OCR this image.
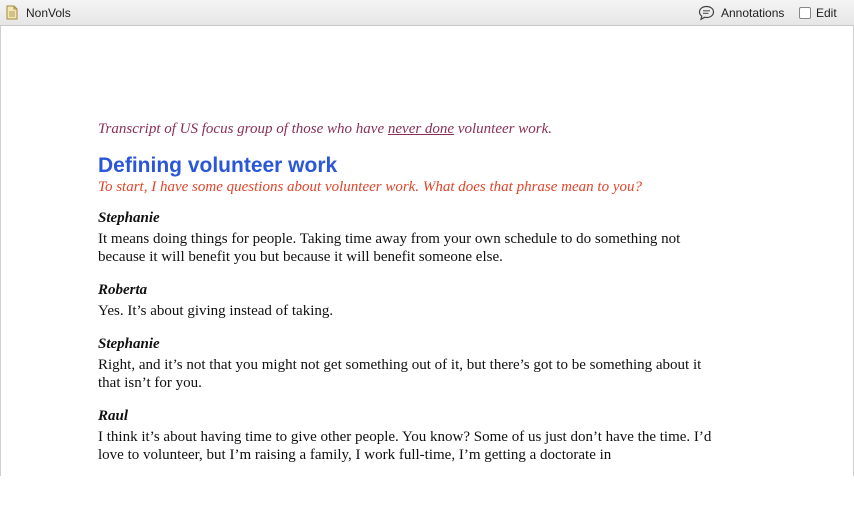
NonVols	Annotations	Edit

Transcript of US focus group of those who have never done volunteer work.

Defining volunteer work

To start, I have some questions about volunteer work. What does that phrase mean to you?

Stephanie

It means doing things for people. Taking time away from your own schedule to do something not because it will benefit you but because it will benefit someone else.

Roberta

Yes. It’s about giving instead of taking.

Stephanie

Right, and it’s not that you might not get something out of it, but there’s got to be something about it that isn’t for you.

Raul

I think it’s about having time to give other people. You know? Some of us just don’t have the time. I’d love to volunteer, but I’m raising a family, I work full-time, I’m getting a doctorate in
